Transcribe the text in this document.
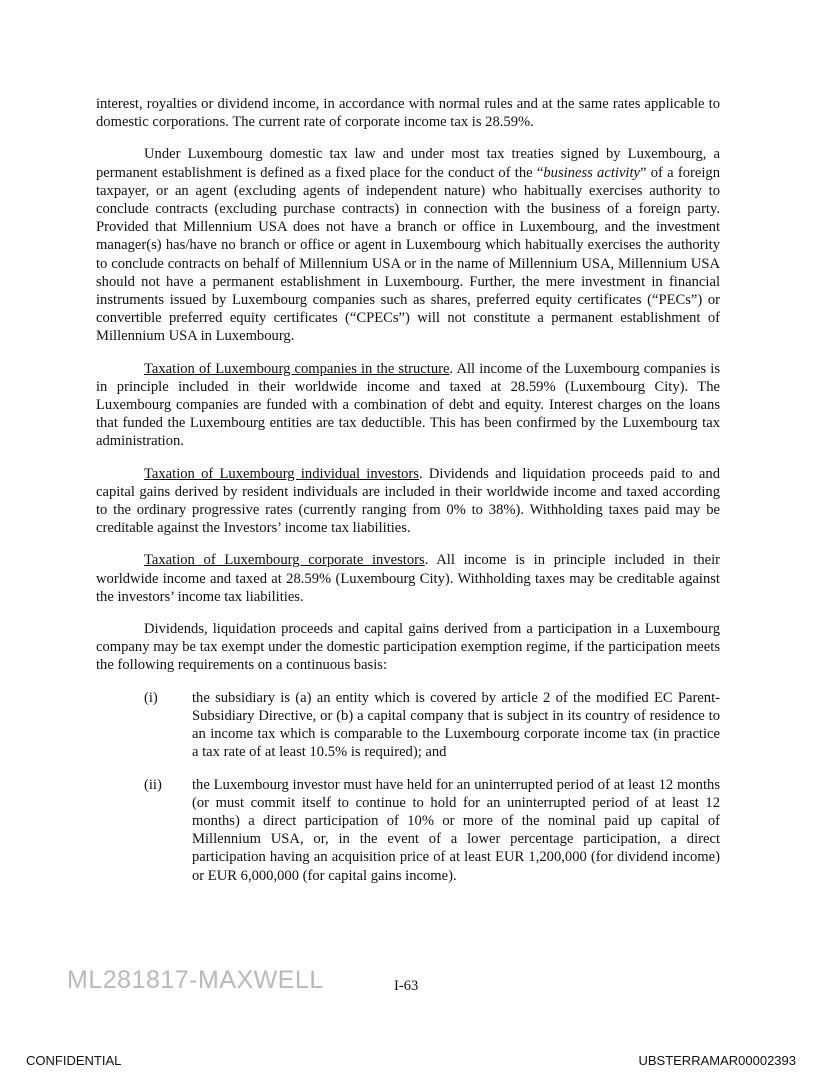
interest, royalties or dividend income, in accordance with normal rules and at the same rates applicable to domestic corporations. The current rate of corporate income tax is 28.59%.

Under Luxembourg domestic tax law and under most tax treaties signed by Luxembourg, a permanent establishment is defined as a fixed place for the conduct of the “business activity” of a foreign taxpayer, or an agent (excluding agents of independent nature) who habitually exercises authority to conclude contracts (excluding purchase contracts) in connection with the business of a foreign party. Provided that Millennium USA does not have a branch or office in Luxembourg, and the investment manager(s) has/have no branch or office or agent in Luxembourg which habitually exercises the authority to conclude contracts on behalf of Millennium USA or in the name of Millennium USA, Millennium USA should not have a permanent establishment in Luxembourg. Further, the mere investment in financial instruments issued by Luxembourg companies such as shares, preferred equity certificates (“PECs”) or convertible preferred equity certificates (“CPECs”) will not constitute a permanent establishment of Millennium USA in Luxembourg.

Taxation of Luxembourg companies in the structure. All income of the Luxembourg companies is in principle included in their worldwide income and taxed at 28.59% (Luxembourg City). The Luxembourg companies are funded with a combination of debt and equity. Interest charges on the loans that funded the Luxembourg entities are tax deductible. This has been confirmed by the Luxembourg tax administration.

Taxation of Luxembourg individual investors. Dividends and liquidation proceeds paid to and capital gains derived by resident individuals are included in their worldwide income and taxed according to the ordinary progressive rates (currently ranging from 0% to 38%). Withholding taxes paid may be creditable against the Investors’ income tax liabilities.

Taxation of Luxembourg corporate investors. All income is in principle included in their worldwide income and taxed at 28.59% (Luxembourg City). Withholding taxes may be creditable against the investors’ income tax liabilities.

Dividends, liquidation proceeds and capital gains derived from a participation in a Luxembourg company may be tax exempt under the domestic participation exemption regime, if the participation meets the following requirements on a continuous basis:

(i)	the subsidiary is (a) an entity which is covered by article 2 of the modified EC Parent-Subsidiary Directive, or (b) a capital company that is subject in its country of residence to an income tax which is comparable to the Luxembourg corporate income tax (in practice a tax rate of at least 10.5% is required); and
(ii)	the Luxembourg investor must have held for an uninterrupted period of at least 12 months (or must commit itself to continue to hold for an uninterrupted period of at least 12 months) a direct participation of 10% or more of the nominal paid up capital of Millennium USA, or, in the event of a lower percentage participation, a direct participation having an acquisition price of at least EUR 1,200,000 (for dividend income) or EUR 6,000,000 (for capital gains income).
ML281817-MAXWELL	I-63
CONFIDENTIAL	UBSTERRAMAR00002393
